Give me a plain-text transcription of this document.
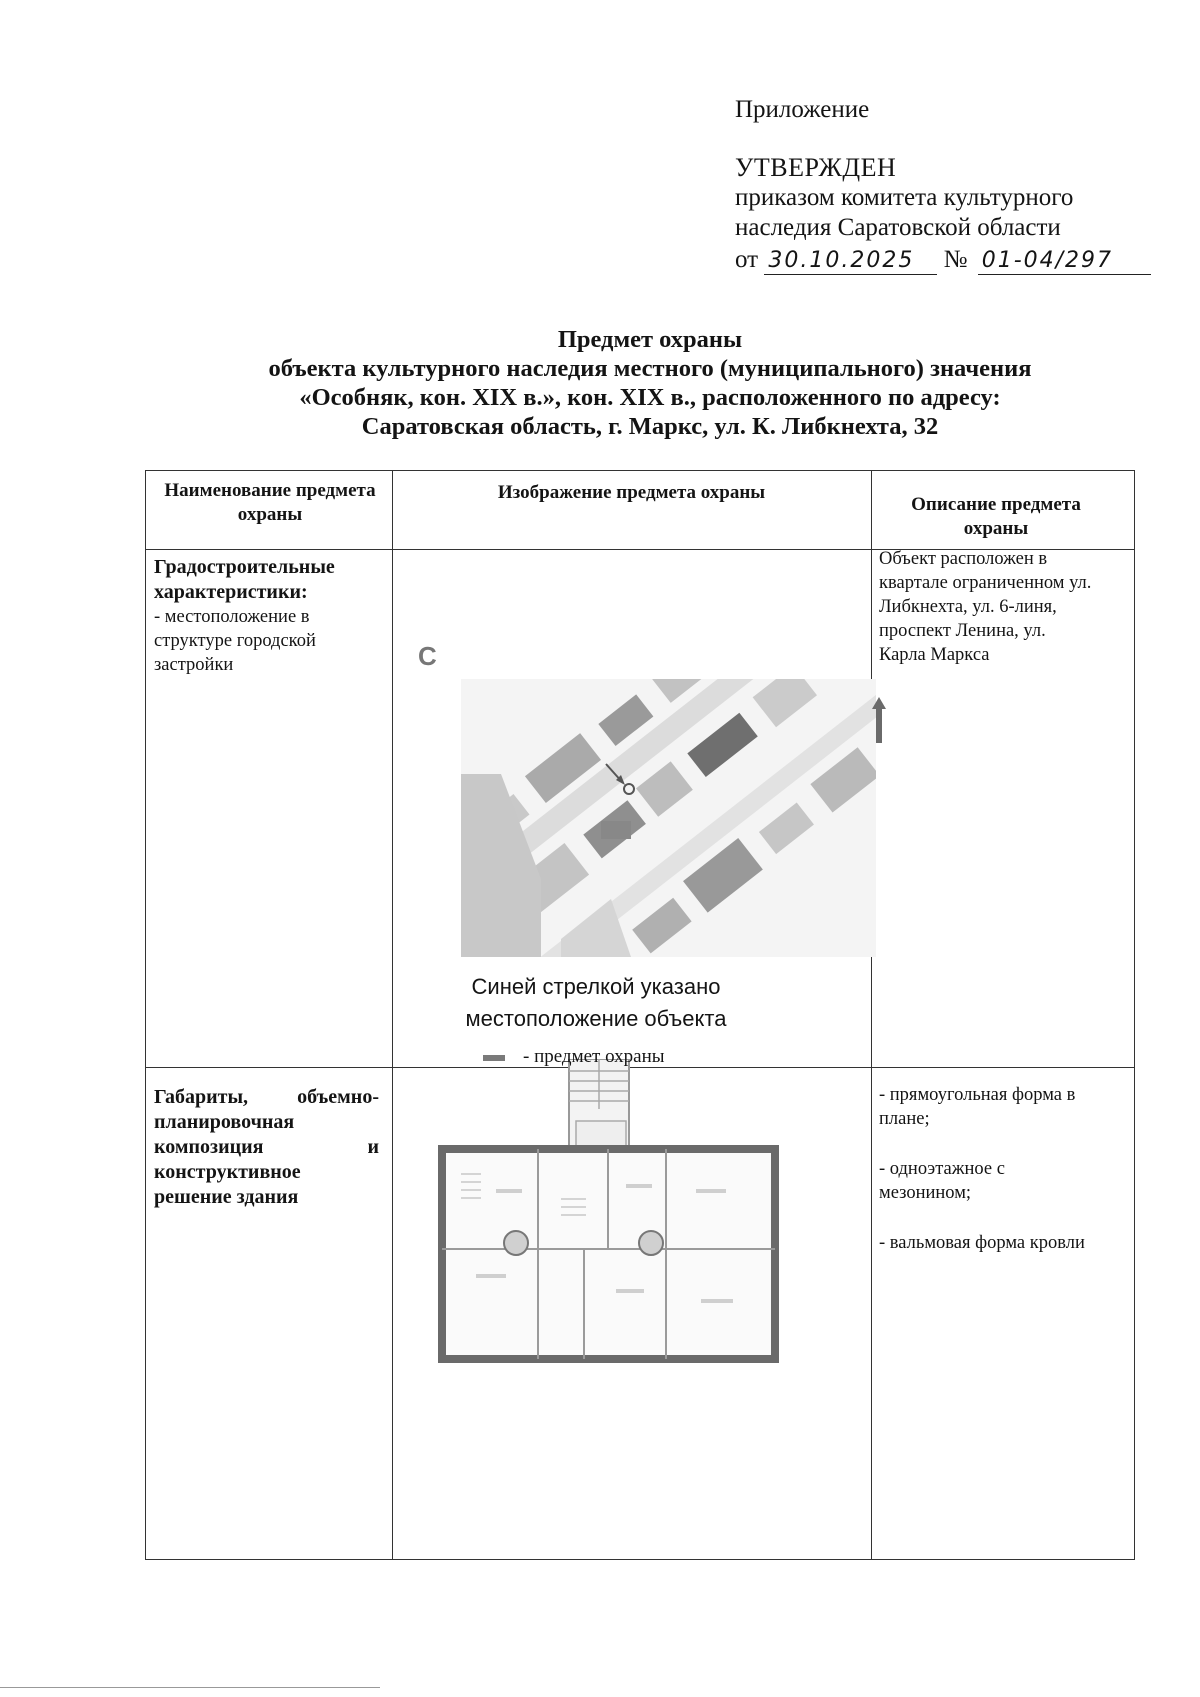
Приложение
УТВЕРЖДЕН
приказом комитета культурного
наследия Саратовской области
от 30.10.2025 № 01-04/297
Предмет охраны
объекта культурного наследия местного (муниципального) значения
«Особняк, кон. XIX в.», кон. XIX в., расположенного по адресу:
Саратовская область, г. Маркс, ул. К. Либкнехта, 32
Наименование предмета охраны
Изображение предмета охраны
Описание предмета охраны
Градостроительные характеристики:
- местоположение в структуре городской застройки	С
Синей стрелкой указано местоположение объекта
Объект расположен в квартале ограниченном ул. Либкнехта, ул. 6-линя, проспект Ленина, ул. Карла Маркса
Габариты, объемно-планировочная композиция и конструктивное решение здания
- предмет охраны
- прямоугольная форма в плане;
- одноэтажное с мезонином;
- вальмовая форма кровли
